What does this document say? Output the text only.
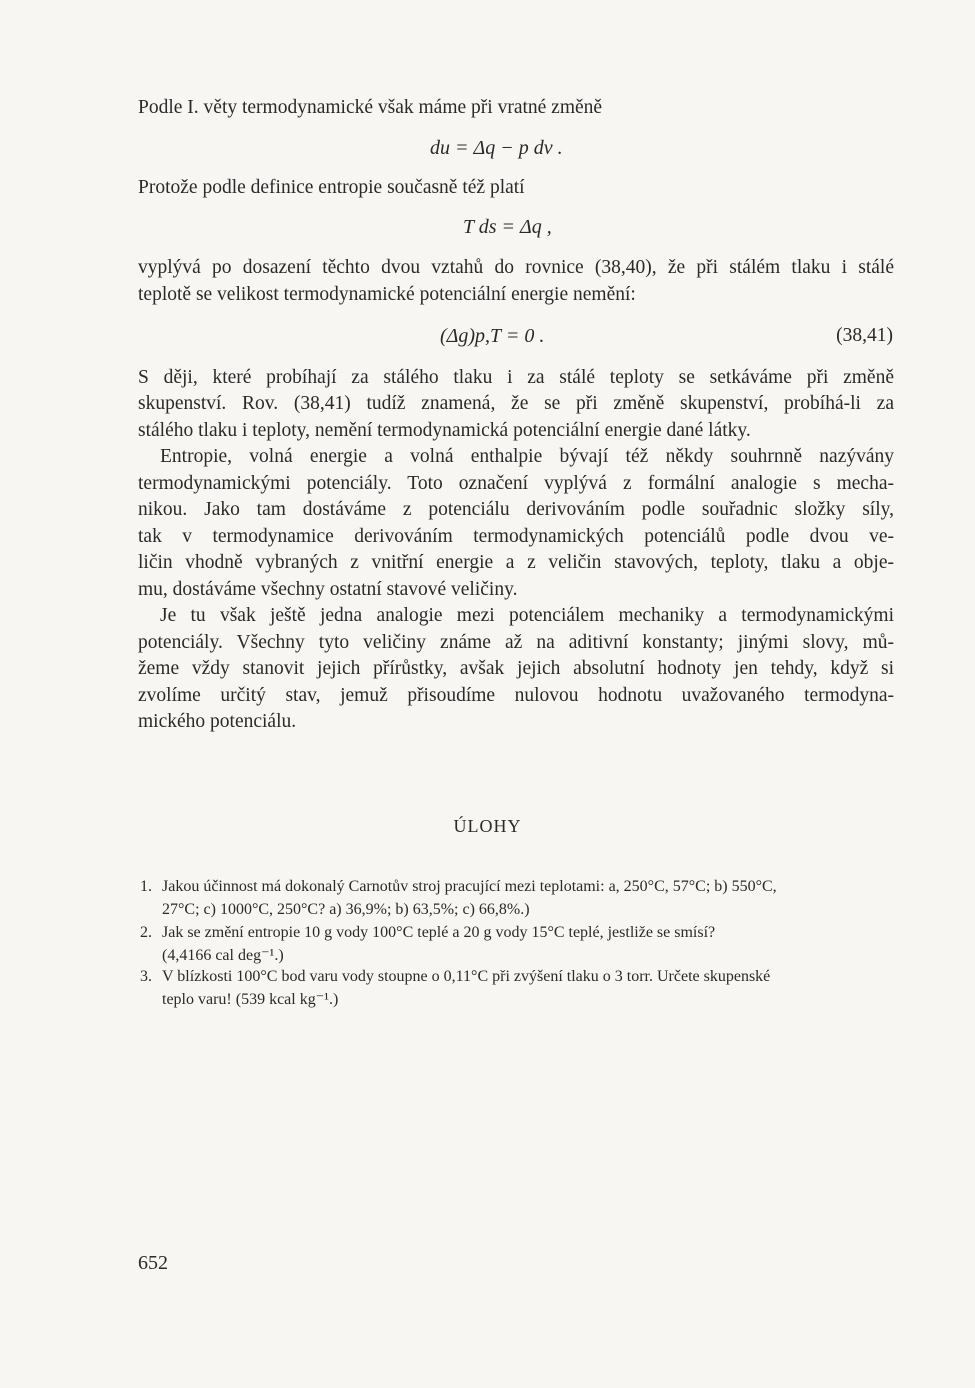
Podle I. věty termodynamické však máme při vratné změně
du = Δq − p dv .
Protože podle definice entropie současně též platí
T ds = Δq ,
vyplývá po dosazení těchto dvou vztahů do rovnice (38,40), že při stálém tlaku i stálé
teplotě se velikost termodynamické potenciální energie nemění:
(Δg)p,T = 0 .	(38,41)
S ději, které probíhají za stálého tlaku i za stálé teploty se setkáváme při změně
skupenství. Rov. (38,41) tudíž znamená, že se při změně skupenství, probíhá-li za
stálého tlaku i teploty, nemění termodynamická potenciální energie dané látky.
Entropie, volná energie a volná enthalpie bývají též někdy souhrnně nazývány
termodynamickými potenciály. Toto označení vyplývá z formální analogie s mecha-
nikou. Jako tam dostáváme z potenciálu derivováním podle souřadnic složky síly,
tak v termodynamice derivováním termodynamických potenciálů podle dvou ve-
ličin vhodně vybraných z vnitřní energie a z veličin stavových, teploty, tlaku a obje-
mu, dostáváme všechny ostatní stavové veličiny.
Je tu však ještě jedna analogie mezi potenciálem mechaniky a termodynamickými
potenciály. Všechny tyto veličiny známe až na aditivní konstanty; jinými slovy, mů-
žeme vždy stanovit jejich přírůstky, avšak jejich absolutní hodnoty jen tehdy, když si
zvolíme určitý stav, jemuž přisoudíme nulovou hodnotu uvažovaného termodyna-
mického potenciálu.
ÚLOHY
1. Jakou účinnost má dokonalý Carnotův stroj pracující mezi teplotami: a, 250°C, 57°C; b) 550°C,
27°C; c) 1000°C, 250°C? a) 36,9%; b) 63,5%; c) 66,8%.)
2. Jak se změní entropie 10 g vody 100°C teplé a 20 g vody 15°C teplé, jestliže se smísí?
(4,4166 cal deg⁻¹.)
3. V blízkosti 100°C bod varu vody stoupne o 0,11°C při zvýšení tlaku o 3 torr. Určete skupenské
teplo varu! (539 kcal kg⁻¹.)
652
